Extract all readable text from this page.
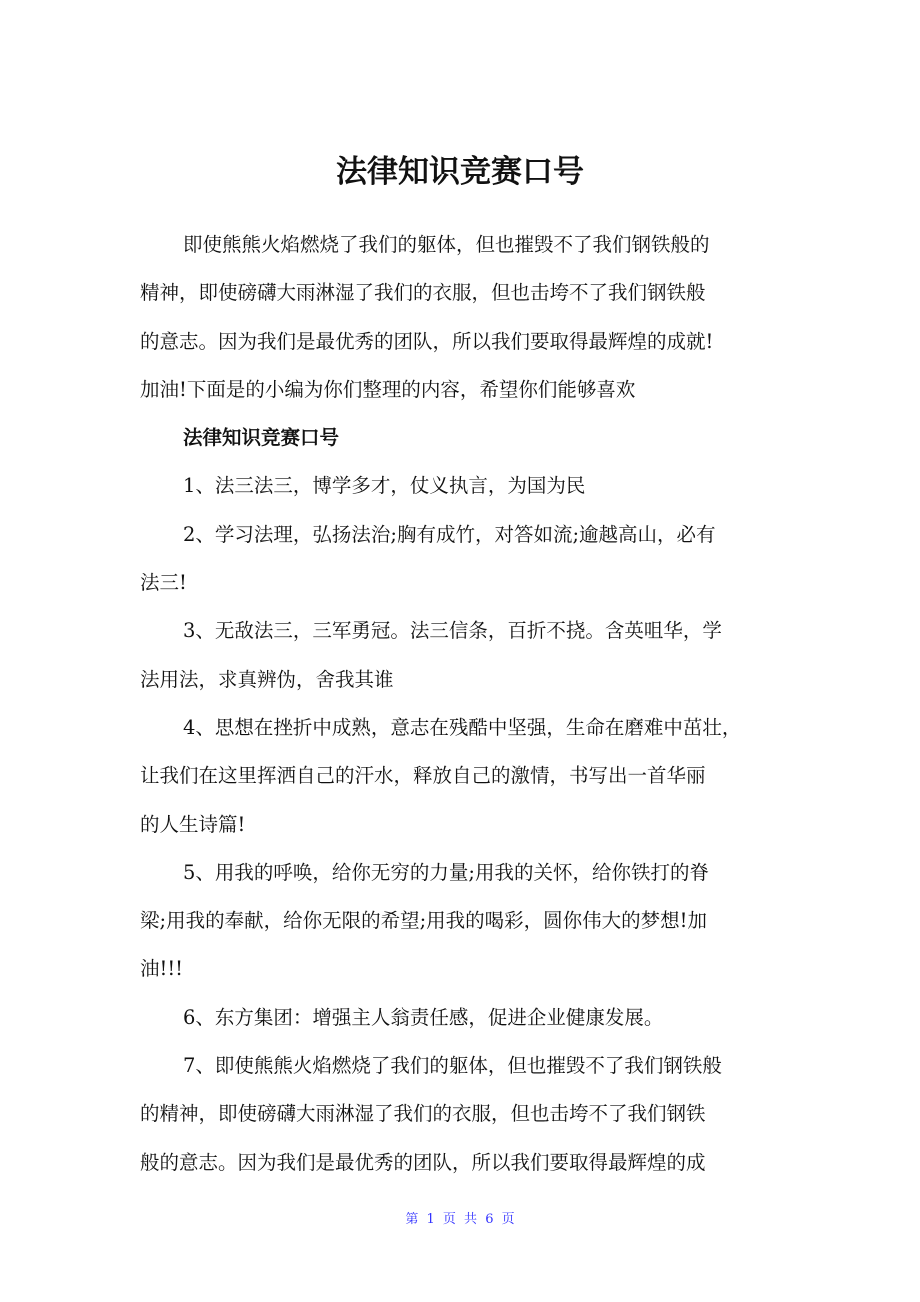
法律知识竞赛口号
即使熊熊火焰燃烧了我们的躯体，但也摧毁不了我们钢铁般的
精神，即使磅礴大雨淋湿了我们的衣服，但也击垮不了我们钢铁般
的意志。因为我们是最优秀的团队，所以我们要取得最辉煌的成就!
加油!下面是的小编为你们整理的内容，希望你们能够喜欢
法律知识竞赛口号
1、法三法三，博学多才，仗义执言，为国为民
2、学习法理，弘扬法治;胸有成竹，对答如流;逾越高山，必有
法三!
3、无敌法三，三军勇冠。法三信条，百折不挠。含英咀华，学
法用法，求真辨伪，舍我其谁
4、思想在挫折中成熟，意志在残酷中坚强，生命在磨难中茁壮，
让我们在这里挥洒自己的汗水，释放自己的激情，书写出一首华丽
的人生诗篇!
5、用我的呼唤，给你无穷的力量;用我的关怀，给你铁打的脊
梁;用我的奉献，给你无限的希望;用我的喝彩，圆你伟大的梦想!加
油!!!
6、东方集团：增强主人翁责任感，促进企业健康发展。
7、即使熊熊火焰燃烧了我们的躯体，但也摧毁不了我们钢铁般
的精神，即使磅礴大雨淋湿了我们的衣服，但也击垮不了我们钢铁
般的意志。因为我们是最优秀的团队，所以我们要取得最辉煌的成
第 1 页 共 6 页
